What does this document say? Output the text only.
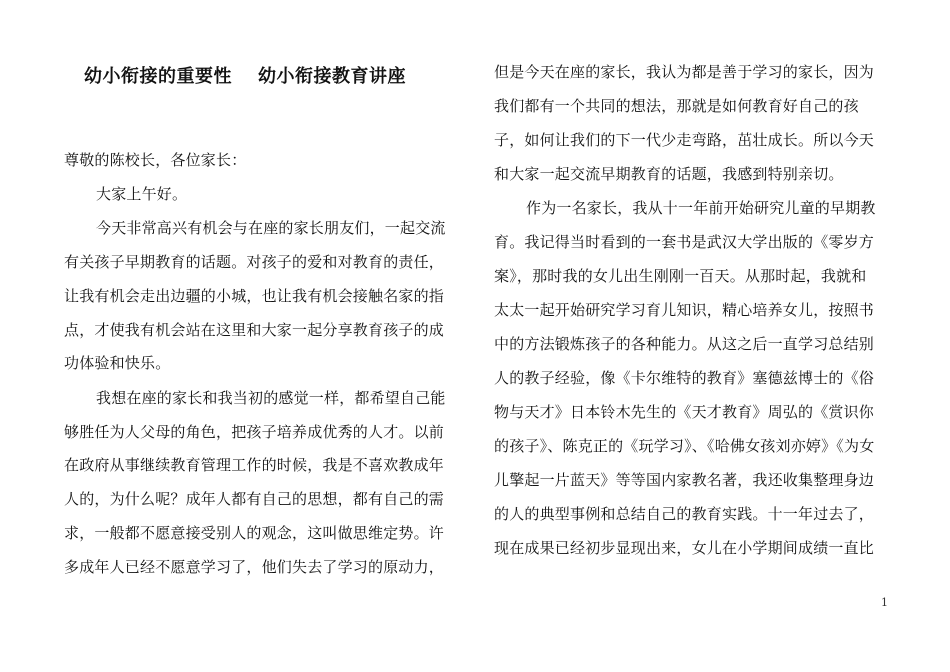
幼小衔接的重要性 幼小衔接教育讲座
尊敬的陈校长，各位家长：
大家上午好。
今天非常高兴有机会与在座的家长朋友们，一起交流
有关孩子早期教育的话题。对孩子的爱和对教育的责任，
让我有机会走出边疆的小城，也让我有机会接触名家的指
点，才使我有机会站在这里和大家一起分享教育孩子的成
功体验和快乐。
我想在座的家长和我当初的感觉一样，都希望自己能
够胜任为人父母的角色，把孩子培养成优秀的人才。以前
在政府从事继续教育管理工作的时候，我是不喜欢教成年
人的，为什么呢？成年人都有自己的思想，都有自己的需
求，一般都不愿意接受别人的观念，这叫做思维定势。许
多成年人已经不愿意学习了，他们失去了学习的原动力，
但是今天在座的家长，我认为都是善于学习的家长，因为
我们都有一个共同的想法，那就是如何教育好自己的孩
子，如何让我们的下一代少走弯路，茁壮成长。所以今天
和大家一起交流早期教育的话题，我感到特别亲切。
作为一名家长，我从十一年前开始研究儿童的早期教
育。我记得当时看到的一套书是武汉大学出版的《零岁方
案》，那时我的女儿出生刚刚一百天。从那时起，我就和
太太一起开始研究学习育儿知识，精心培养女儿，按照书
中的方法锻炼孩子的各种能力。从这之后一直学习总结别
人的教子经验，像《卡尔维特的教育》塞德兹博士的《俗
物与天才》日本铃木先生的《天才教育》周弘的《赏识你
的孩子》、陈克正的《玩学习》、《哈佛女孩刘亦婷》《为女
儿擎起一片蓝天》等等国内家教名著，我还收集整理身边
的人的典型事例和总结自己的教育实践。十一年过去了，
现在成果已经初步显现出来，女儿在小学期间成绩一直比
1
